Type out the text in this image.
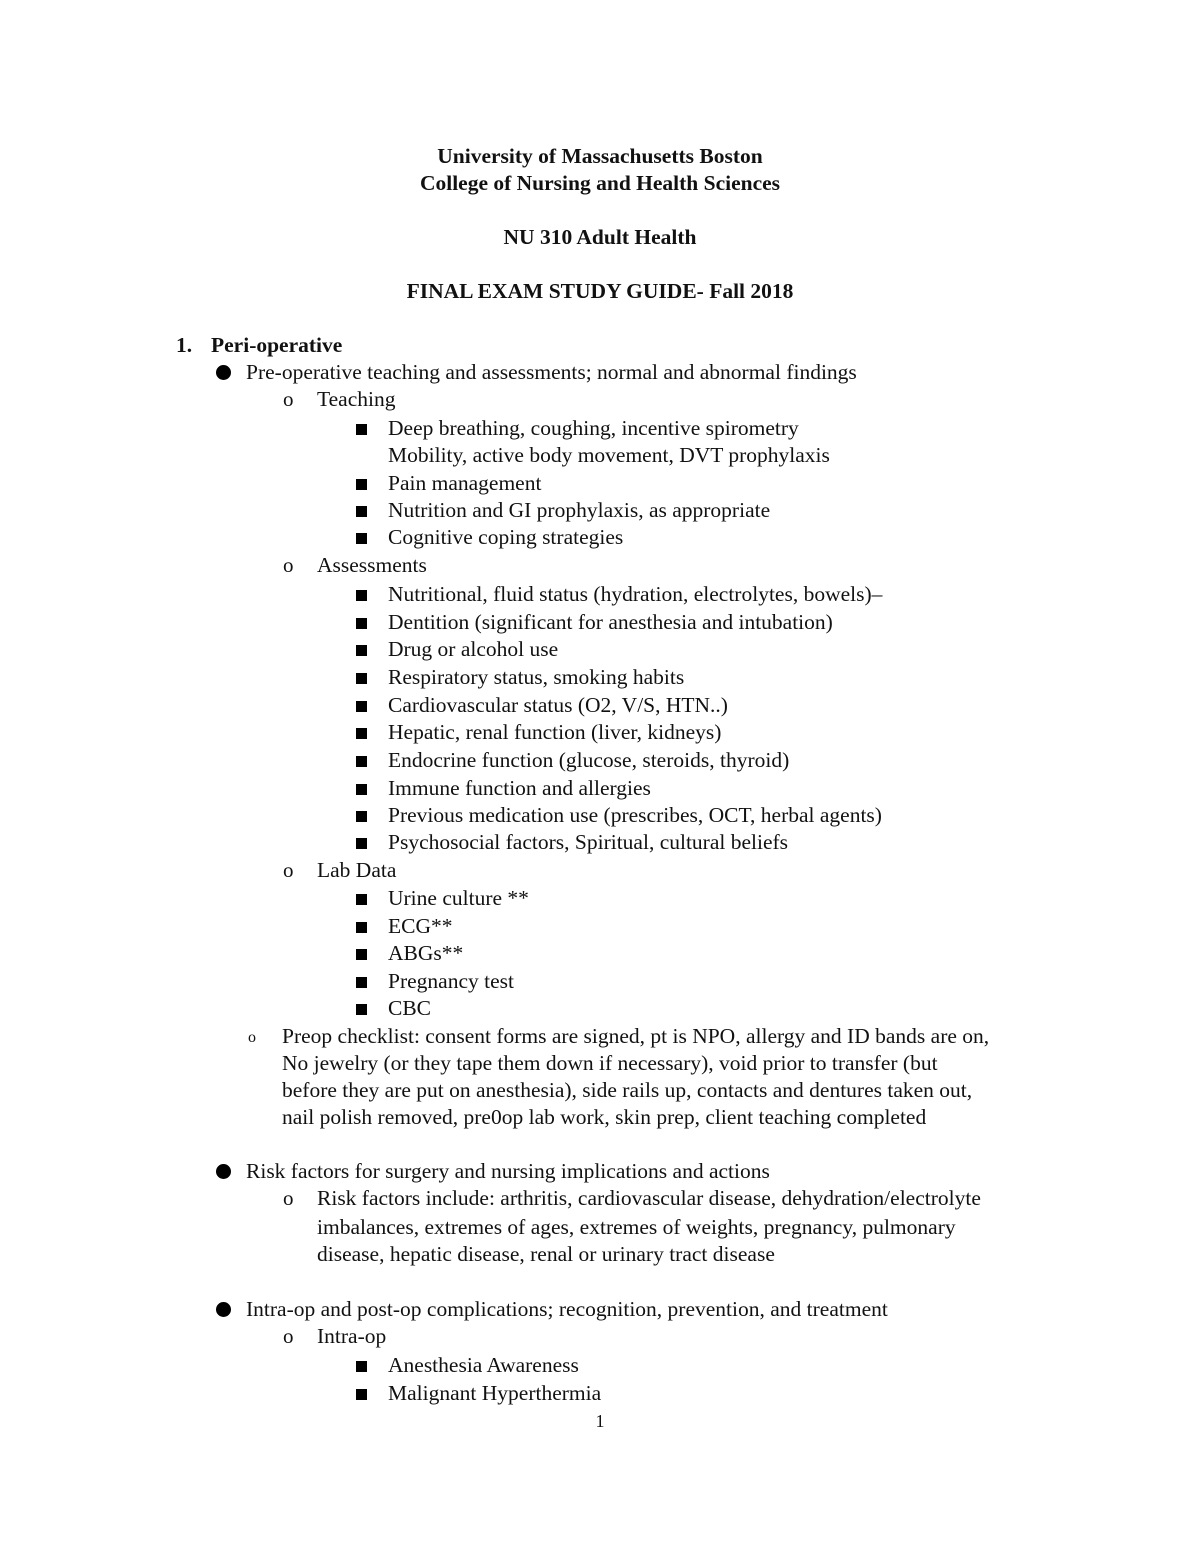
University of Massachusetts Boston
College of Nursing and Health Sciences
NU 310 Adult Health
FINAL EXAM STUDY GUIDE- Fall 2018
1. Peri-operative
Pre-operative teaching and assessments; normal and abnormal findings
o Teaching
Deep breathing, coughing, incentive spirometry
Mobility, active body movement, DVT prophylaxis
Pain management
Nutrition and GI prophylaxis, as appropriate
Cognitive coping strategies
o Assessments
Nutritional, fluid status (hydration, electrolytes, bowels)–
Dentition (significant for anesthesia and intubation)
Drug or alcohol use
Respiratory status, smoking habits
Cardiovascular status (O2, V/S, HTN..)
Hepatic, renal function (liver, kidneys)
Endocrine function (glucose, steroids, thyroid)
Immune function and allergies
Previous medication use (prescribes, OCT, herbal agents)
Psychosocial factors, Spiritual, cultural beliefs
o Lab Data
Urine culture **
ECG**
ABGs**
Pregnancy test
CBC
o Preop checklist: consent forms are signed, pt is NPO, allergy and ID bands are on,
No jewelry (or they tape them down if necessary), void prior to transfer (but
before they are put on anesthesia), side rails up, contacts and dentures taken out,
nail polish removed, pre0op lab work, skin prep, client teaching completed
Risk factors for surgery and nursing implications and actions
o Risk factors include: arthritis, cardiovascular disease, dehydration/electrolyte
imbalances, extremes of ages, extremes of weights, pregnancy, pulmonary
disease, hepatic disease, renal or urinary tract disease
Intra-op and post-op complications; recognition, prevention, and treatment
o Intra-op
Anesthesia Awareness
Malignant Hyperthermia
1
